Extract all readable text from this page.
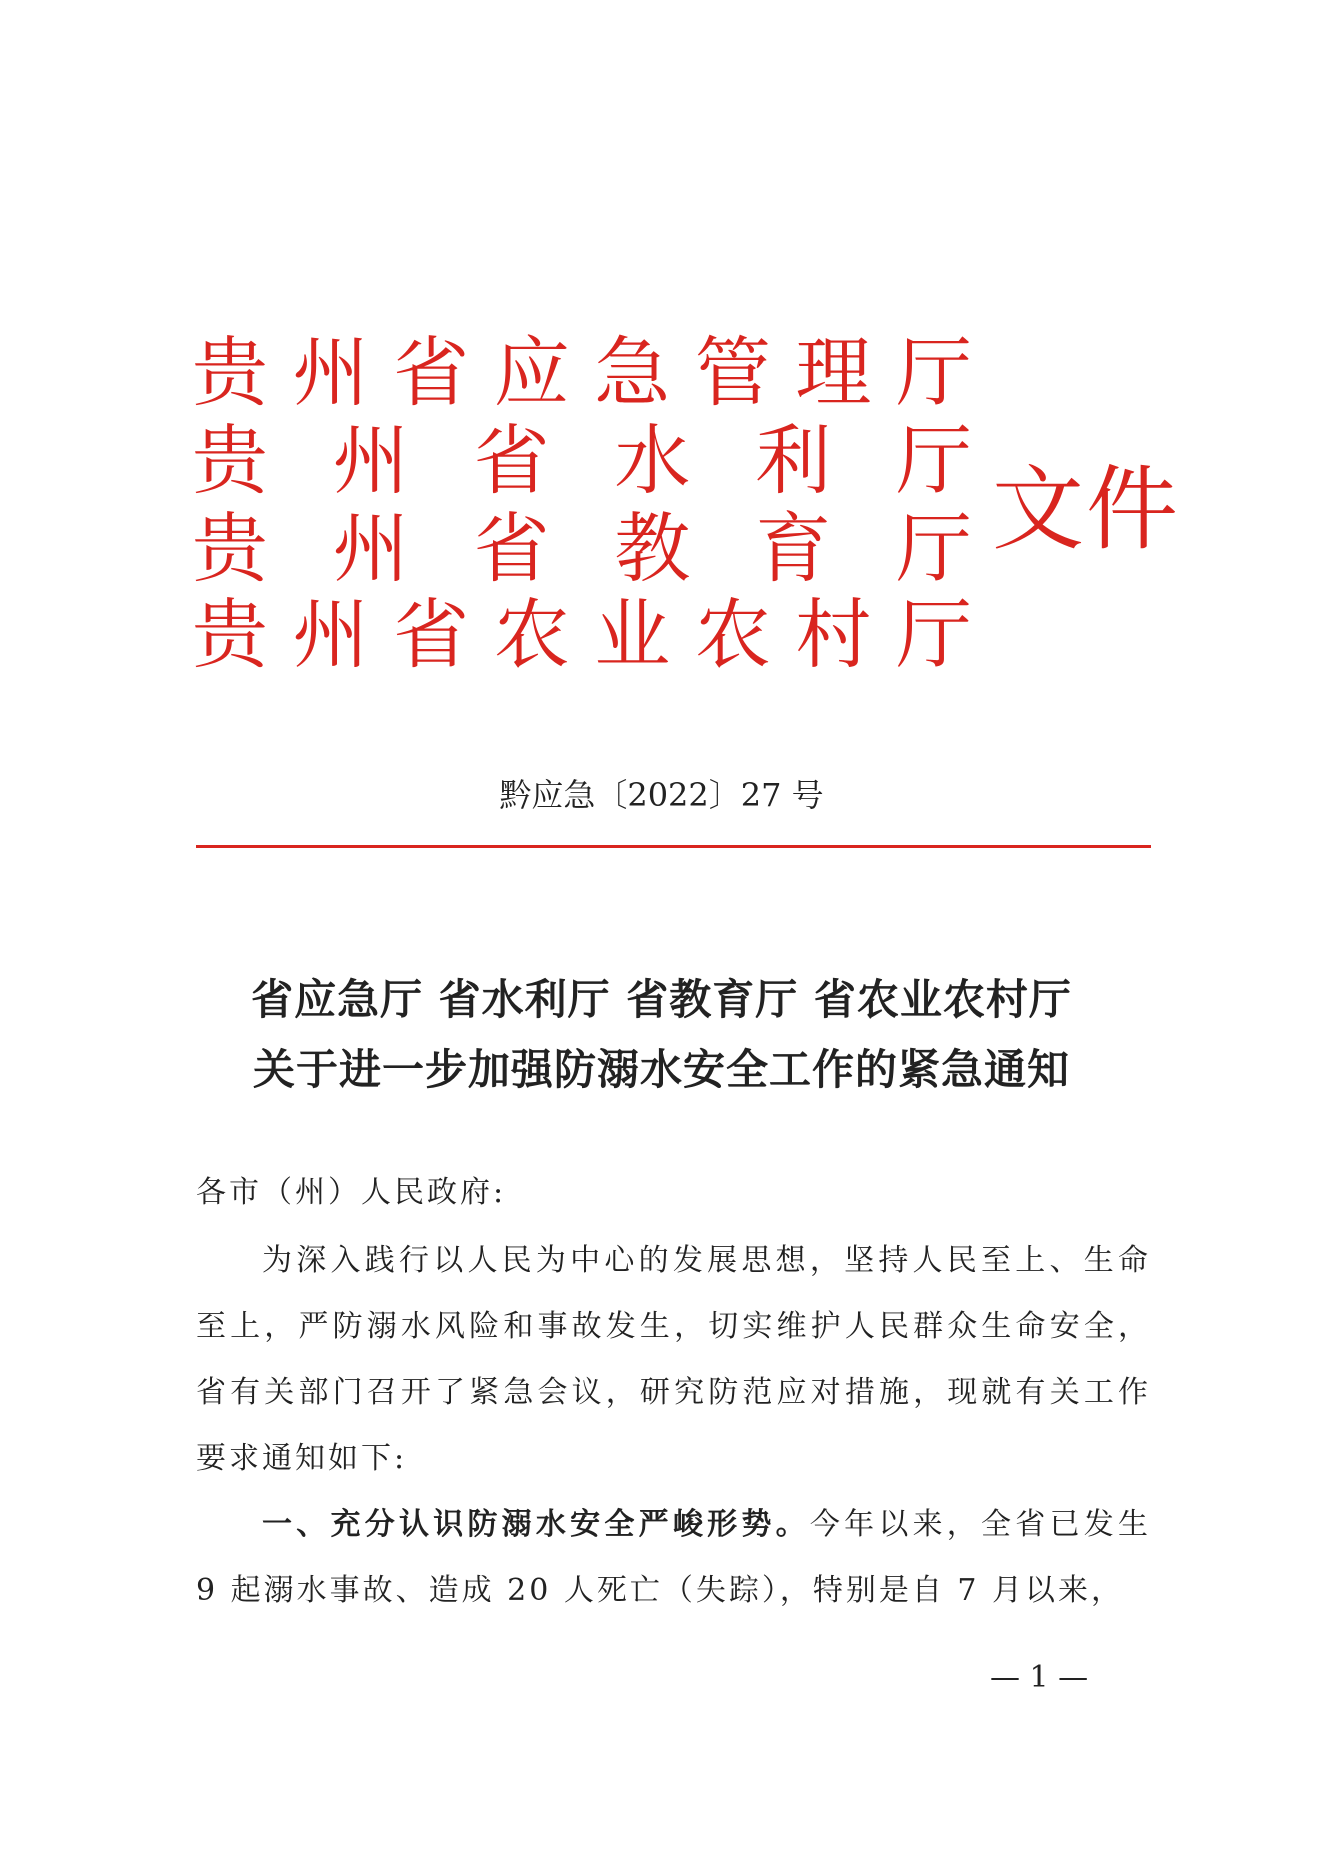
贵 州 省 应 急 管 理 厅
贵 州 省 水 利 厅
贵 州 省 教 育 厅
贵 州 省 农 业 农 村 厅
文件
黔应急〔2022〕27 号
省应急厅 省水利厅 省教育厅 省农业农村厅
关于进一步加强防溺水安全工作的紧急通知
各市（州）人民政府:
为深入践行以人民为中心的发展思想，坚持人民至上、生命至上，严防溺水风险和事故发生，切实维护人民群众生命安全，省有关部门召开了紧急会议，研究防范应对措施，现就有关工作要求通知如下:
一、充分认识防溺水安全严峻形势。今年以来，全省已发生 9 起溺水事故、造成 20 人死亡（失踪），特别是自 7 月以来，
— 1 —
